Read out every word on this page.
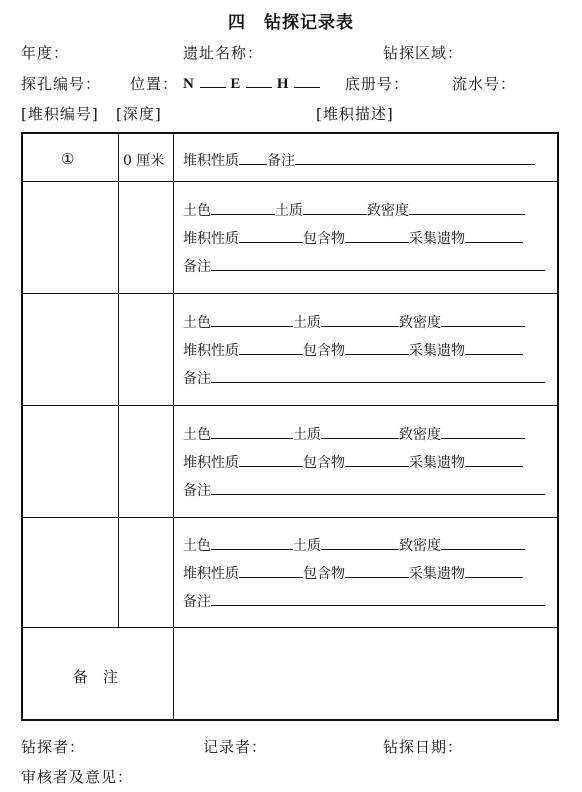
四　钻探记录表
年度：	遗址名称：	钻探区域：
探孔编号： 位置： N E H	底册号：	流水号：
[堆积编号] [深度]	[堆积描述]
①	0 厘米 堆积性质 备注
土色	土质	致密度
堆积性质	包含物	采集遗物
备注
土色	土质	致密度
堆积性质	包含物	采集遗物
备注
土色	土质	致密度
堆积性质	包含物	采集遗物
备注
土色	土质	致密度
堆积性质	包含物	采集遗物
备注
备　注
钻探者：	记录者：	钻探日期：
审核者及意见：
